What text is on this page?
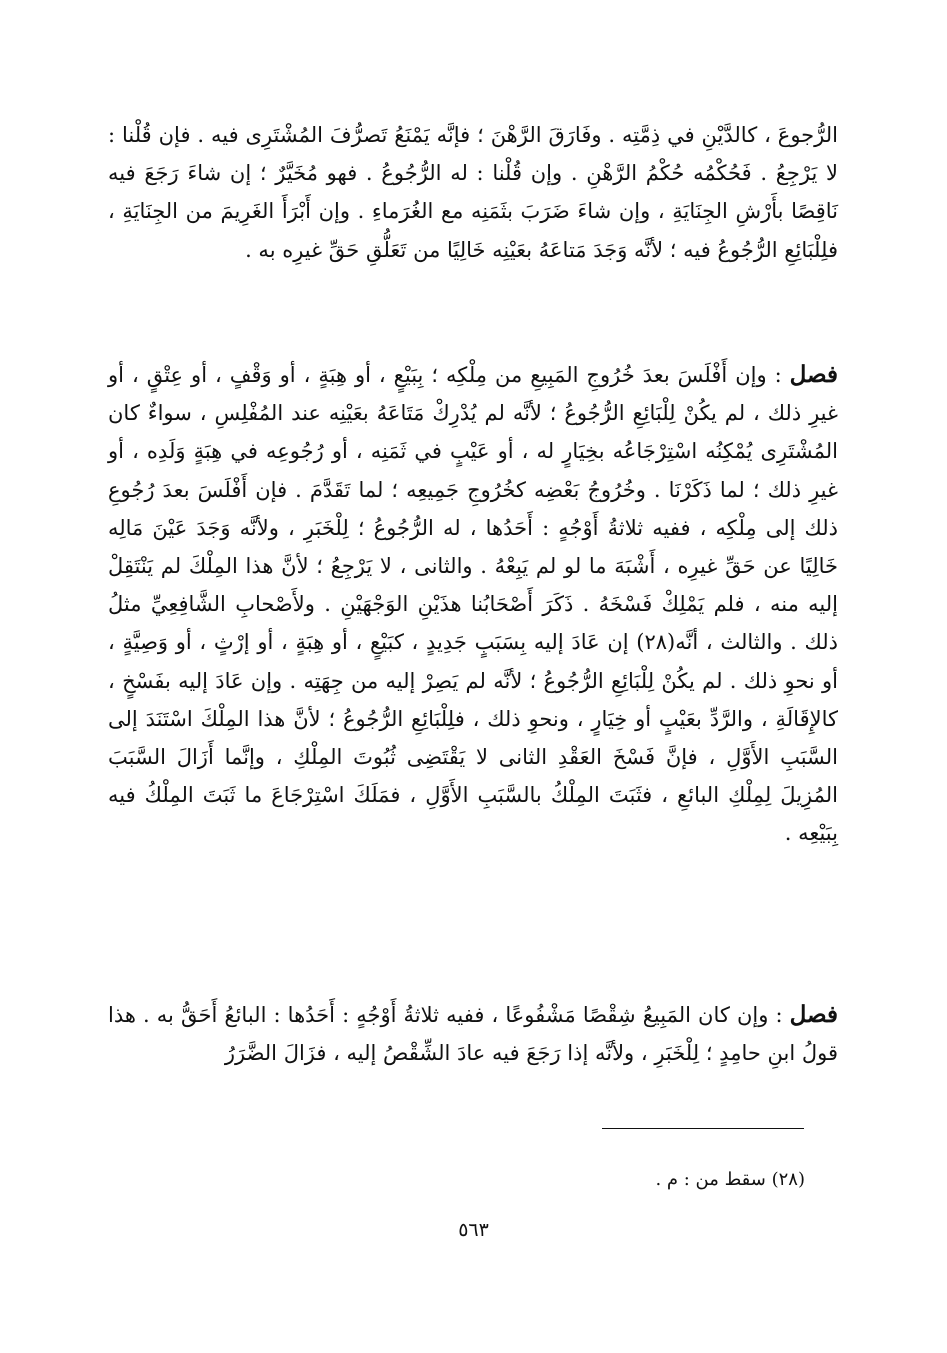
الرُّجوعَ ، كالدَّيْنِ في ذِمَّتِه . وفَارَقَ الرَّهْنَ ؛ فإنَّه يَمْنَعُ تَصرُّفَ المُشْتَرِى فيه . فإن قُلْنا : لا يَرْجِعُ . فَحُكْمُه حُكْمُ الرَّهْنِ . وإن قُلْنا : له الرُّجُوعُ . فهو مُخَيَّرٌ ؛ إن شاءَ رَجَعَ فيه نَاقِصًا بأَرْشِ الجِنَايَةِ ، وإن شاءَ ضَرَبَ بثَمَنِه مع الغُرَماءِ . وإن أَبْرَأَ الغَرِيمَ من الجِنَايَةِ ، فلِلْبَائِعِ الرُّجُوعُ فيه ؛ لأنَّه وَجَدَ مَتاعَهُ بعَيْنِه خَالِيًا من تَعَلُّقِ حَقِّ غيرِه به .

فصل : وإن أَفْلَسَ بعدَ خُرُوجِ المَبِيعِ من مِلْكِه ؛ بِبَيْعٍ ، أو هِبَةٍ ، أو وَقْفٍ ، أو عِتْقٍ ، أو غيرِ ذلك ، لم يكُنْ لِلْبَائِعِ الرُّجُوعُ ؛ لأنَّه لم يُدْرِكْ مَتَاعَهُ بعَيْنِه عند المُفْلِسِ ، سواءٌ كان المُشْتَرِى يُمْكِنُه اسْتِرْجَاعُه بخِيَارٍ له ، أو عَيْبٍ في ثَمَنِه ، أو رُجُوعِه في هِبَةٍ وَلَدِه ، أو غيرِ ذلك ؛ لما ذَكَرْنَا . وخُرُوجُ بَعْضِه كخُرُوجِ جَمِيعِه ؛ لما تَقَدَّمَ . فإن أَفْلَسَ بعدَ رُجُوعِ ذلك إلى مِلْكِه ، ففيه ثلاثةُ أَوْجُهٍ : أَحَدُها ، له الرُّجُوعُ ؛ لِلْخَبَرِ ، ولأنَّه وَجَدَ عَيْنَ مَالِه خَالِيًا عن حَقِّ غيرِه ، أَشْبَهَ ما لو لم يَبِعْهُ . والثانى ، لا يَرْجِعُ ؛ لأنَّ هذا المِلْكَ لم يَنْتَقِلْ إليه منه ، فلم يَمْلِكْ فَسْخَهُ . ذَكَرَ أَصْحَابُنا هذَيْنِ الوَجْهَيْنِ . ولأَصْحابِ الشَّافِعِيِّ مثلُ ذلك . والثالث ، أنَّه(٢٨) إن عَادَ إليه بِسَبَبٍ جَدِيدٍ ، كبَيْعٍ ، أو هِبَةٍ ، أو إرْثٍ ، أو وَصِيَّةٍ ، أو نحوِ ذلك . لم يكُنْ لِلْبَائِعِ الرُّجُوعُ ؛ لأنَّه لم يَصِرْ إليه من جِهَتِه . وإن عَادَ إليه بفَسْخٍ ، كالإِقَالَةِ ، والرَّدِّ بعَيْبٍ أو خِيَارٍ ، ونحوِ ذلك ، فلِلْبَائِعِ الرُّجُوعُ ؛ لأنَّ هذا المِلْكَ اسْتَنَدَ إلى السَّبَبِ الأَوَّلِ ، فإنَّ فَسْخَ العَقْدِ الثانى لا يَقْتَضِى ثُبُوتَ المِلْكِ ، وإنَّما أَزَالَ السَّبَبَ المُزِيلَ لِمِلْكِ البائعِ ، فثَبَتَ المِلْكُ بالسَّبَبِ الأَوَّلِ ، فمَلَكَ اسْتِرْجَاعَ ما ثَبَتَ المِلْكُ فيه بِبَيْعِه .

فصل : وإن كان المَبِيعُ شِقْصًا مَشْفُوعًا ، ففيه ثلاثةُ أَوْجُهٍ : أَحَدُها : البائعُ أَحَقُّ به . هذا قولُ ابنِ حامِدٍ ؛ لِلْخَبَرِ ، ولأنَّه إذا رَجَعَ فيه عادَ الشِّقْصُ إليه ، فزَالَ الضَّرَرُ

(٢٨) سقط من : م .
٥٦٣
